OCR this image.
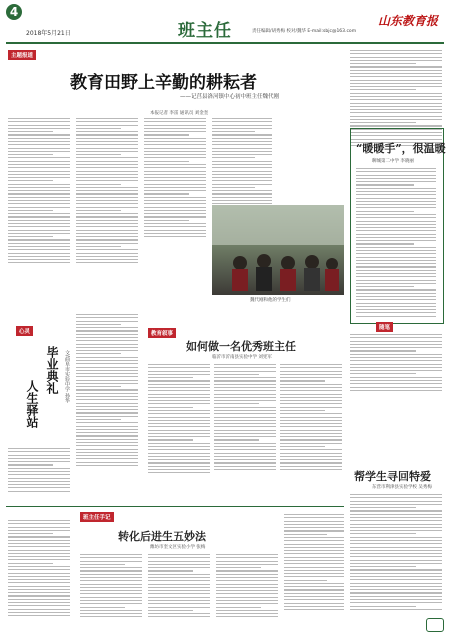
4
2018年5月21日	班主任	责任编辑/胡秀梅 校对/魏华 E-mail:sbjc@163.com
山东教育报
主题报道
教育田野上辛勤的耕耘者
——记莒县洛河镇中心初中班主任魏代刚
本报记者 李雷 通讯员 刘金奎
魏代刚和他的学生们
“暖暖手”，很温暖
聊城第二中学 李晓丽
心灵
毕业典礼
人生驿站
文/曲阜市实验中学 孙华
教育叙事
如何做一名优秀班主任
临沂市沂南县实验中学 刘宪军
随笔
帮学生寻回特爱
东营市利津县实验学校 吴秀梅
班主任手记
转化后进生五妙法
潍坊市奎文区实验小学 张梅
